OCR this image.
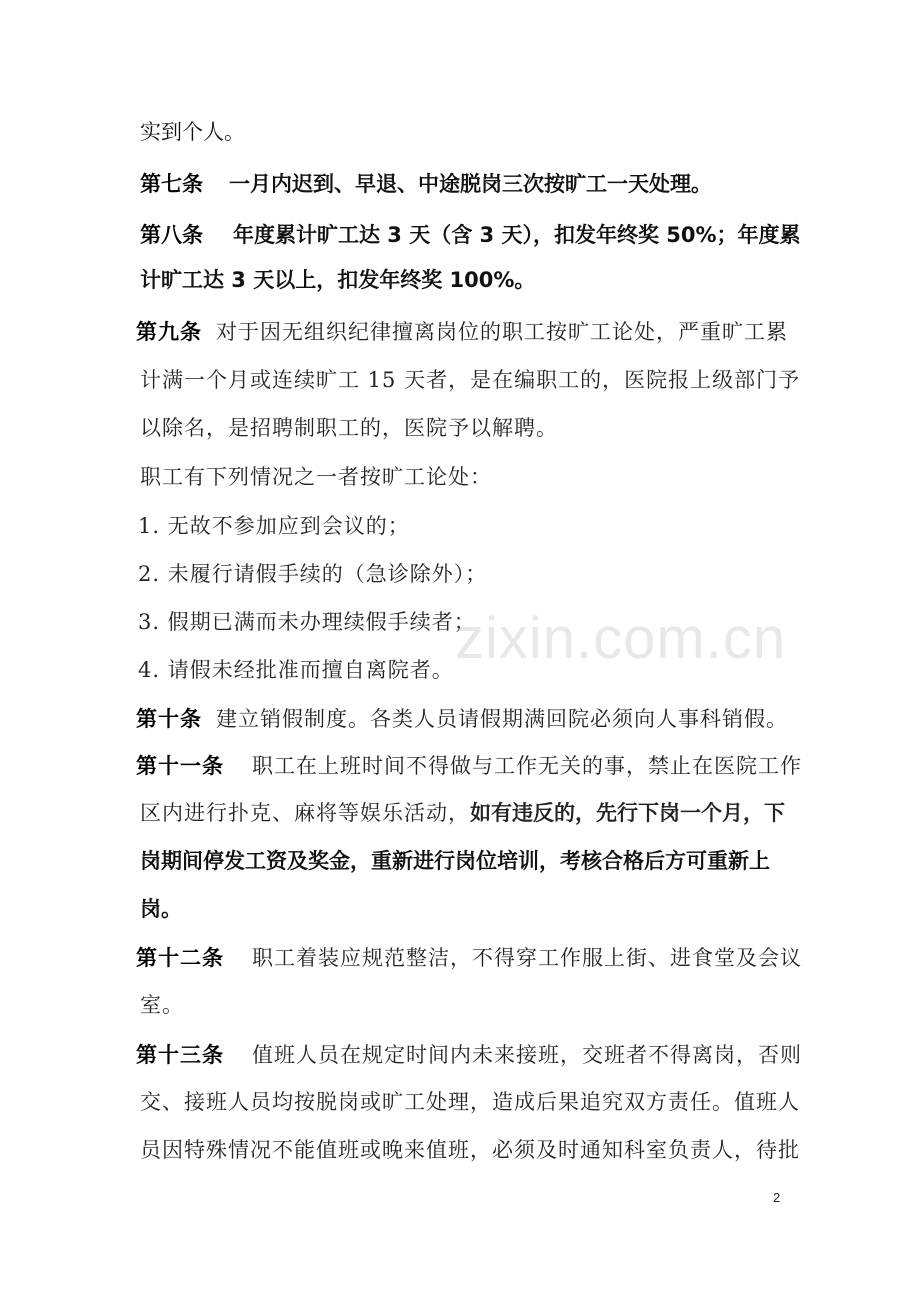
实到个人。
第七条 一月内迟到、早退、中途脱岗三次按旷工一天处理。
第八条 年度累计旷工达 3 天（含 3 天），扣发年终奖 50%；年度累
计旷工达 3 天以上，扣发年终奖 100%。
第九条 对于因无组织纪律擅离岗位的职工按旷工论处，严重旷工累
计满一个月或连续旷工 15 天者，是在编职工的，医院报上级部门予
以除名，是招聘制职工的，医院予以解聘。
职工有下列情况之一者按旷工论处：
1. 无故不参加应到会议的；
2. 未履行请假手续的（急诊除外）；
3. 假期已满而未办理续假手续者；
4. 请假未经批准而擅自离院者。
第十条 建立销假制度。各类人员请假期满回院必须向人事科销假。
第十一条 职工在上班时间不得做与工作无关的事，禁止在医院工作
区内进行扑克、麻将等娱乐活动，如有违反的，先行下岗一个月，下
岗期间停发工资及奖金，重新进行岗位培训，考核合格后方可重新上
岗。
第十二条 职工着装应规范整洁，不得穿工作服上街、进食堂及会议
室。
第十三条 值班人员在规定时间内未来接班，交班者不得离岗，否则
交、接班人员均按脱岗或旷工处理，造成后果追究双方责任。值班人
员因特殊情况不能值班或晚来值班，必须及时通知科室负责人，待批
zixin.com.cn
2
